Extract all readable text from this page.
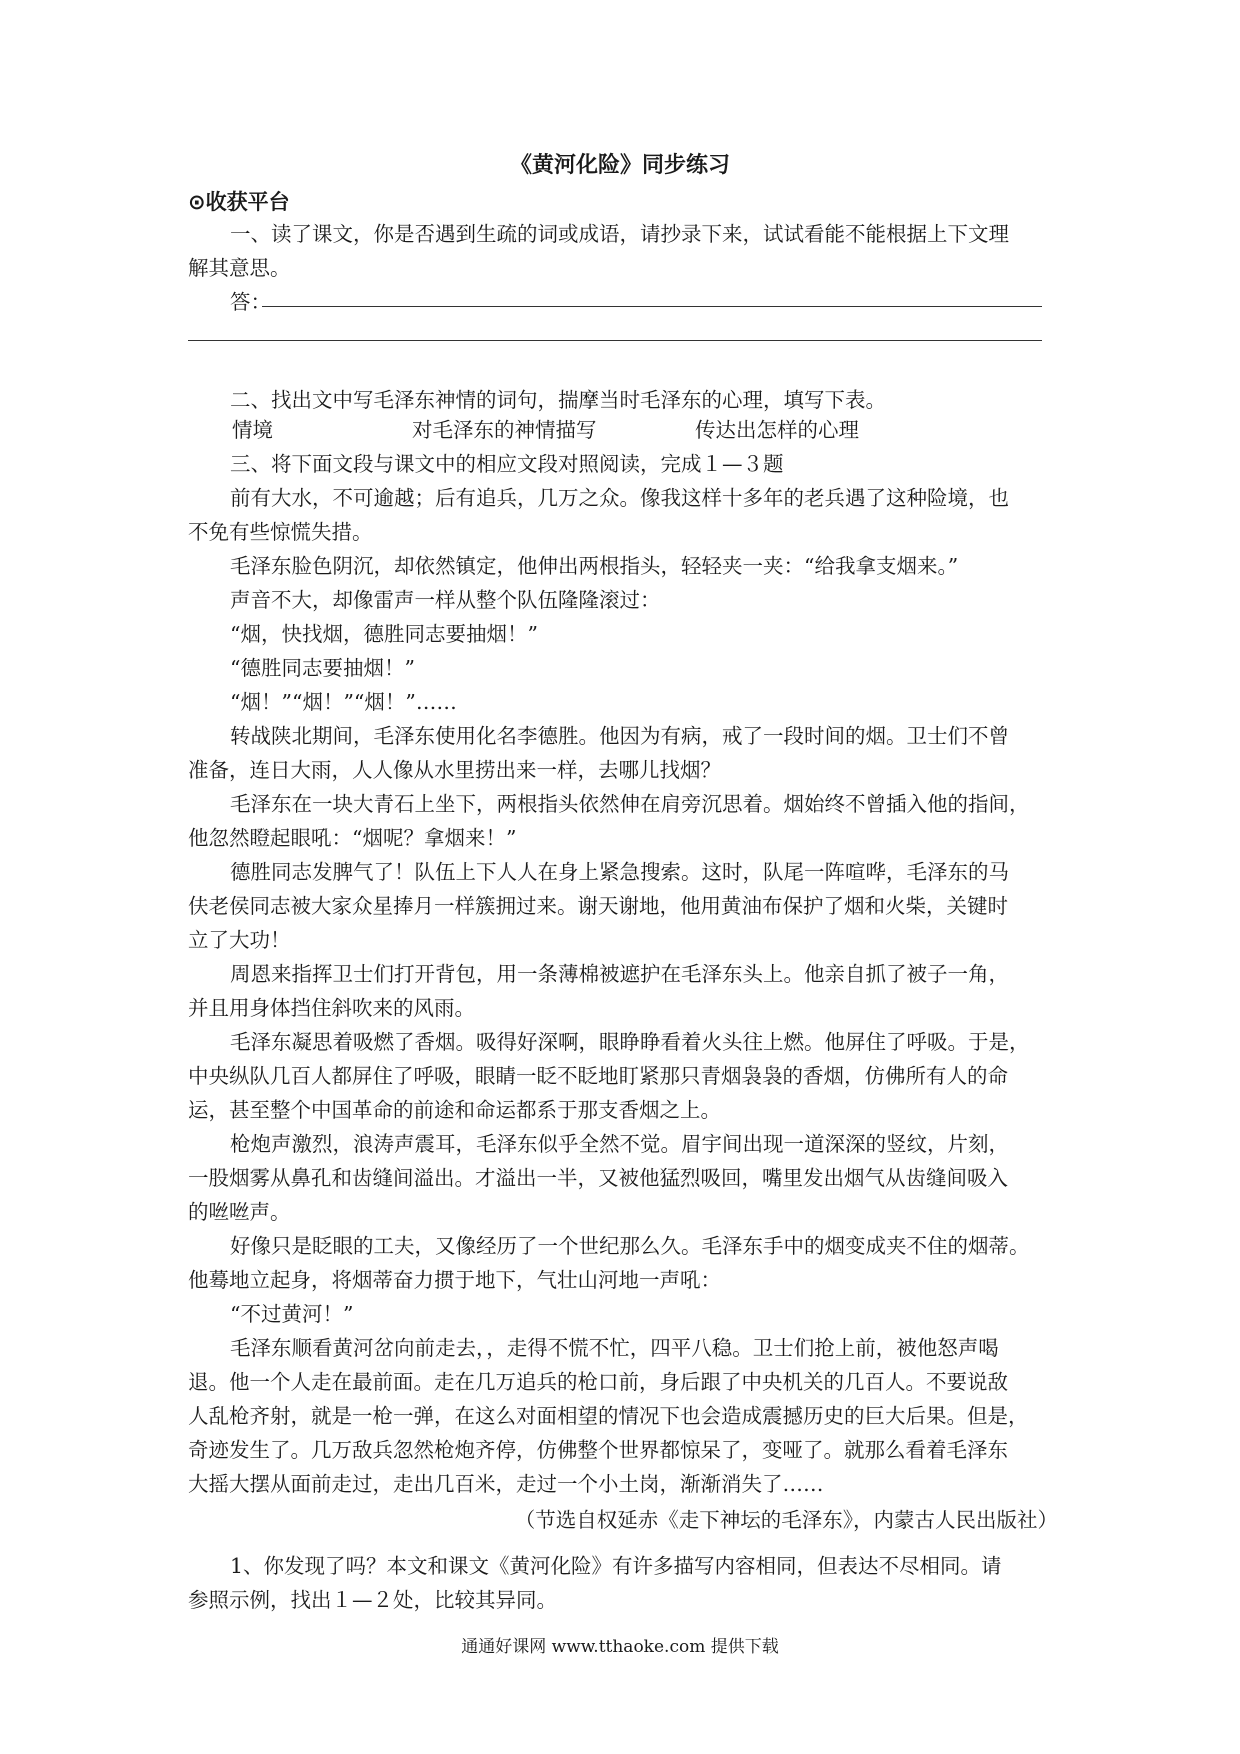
《黄河化险》同步练习
⊙收获平台
一、读了课文，你是否遇到生疏的词或成语，请抄录下来，试试看能不能根据上下文理
解其意思。
答：
二、找出文中写毛泽东神情的词句，揣摩当时毛泽东的心理，填写下表。
情境	对毛泽东的神情描写	传达出怎样的心理
三、将下面文段与课文中的相应文段对照阅读，完成１—３题
前有大水，不可逾越；后有追兵，几万之众。像我这样十多年的老兵遇了这种险境，也
不免有些惊慌失措。
毛泽东脸色阴沉，却依然镇定，他伸出两根指头，轻轻夹一夹：“给我拿支烟来。”
声音不大，却像雷声一样从整个队伍隆隆滚过：
“烟，快找烟，德胜同志要抽烟！”
“德胜同志要抽烟！”
“烟！”“烟！”“烟！”……
转战陕北期间，毛泽东使用化名李德胜。他因为有病，戒了一段时间的烟。卫士们不曾
准备，连日大雨，人人像从水里捞出来一样，去哪儿找烟？
毛泽东在一块大青石上坐下，两根指头依然伸在肩旁沉思着。烟始终不曾插入他的指间，
他忽然瞪起眼吼：“烟呢？拿烟来！”
德胜同志发脾气了！队伍上下人人在身上紧急搜索。这时，队尾一阵喧哗，毛泽东的马
伕老侯同志被大家众星捧月一样簇拥过来。谢天谢地，他用黄油布保护了烟和火柴，关键时
立了大功！
周恩来指挥卫士们打开背包，用一条薄棉被遮护在毛泽东头上。他亲自抓了被子一角，
并且用身体挡住斜吹来的风雨。
毛泽东凝思着吸燃了香烟。吸得好深啊，眼睁睁看着火头往上燃。他屏住了呼吸。于是，
中央纵队几百人都屏住了呼吸，眼睛一眨不眨地盯紧那只青烟袅袅的香烟，仿佛所有人的命
运，甚至整个中国革命的前途和命运都系于那支香烟之上。
枪炮声激烈，浪涛声震耳，毛泽东似乎全然不觉。眉宇间出现一道深深的竖纹，片刻，
一股烟雾从鼻孔和齿缝间溢出。才溢出一半，又被他猛烈吸回，嘴里发出烟气从齿缝间吸入
的咝咝声。
好像只是眨眼的工夫，又像经历了一个世纪那么久。毛泽东手中的烟变成夹不住的烟蒂。
他蓦地立起身，将烟蒂奋力掼于地下，气壮山河地一声吼：
“不过黄河！”
毛泽东顺看黄河岔向前走去，，走得不慌不忙，四平八稳。卫士们抢上前，被他怒声喝
退。他一个人走在最前面。走在几万追兵的枪口前，身后跟了中央机关的几百人。不要说敌
人乱枪齐射，就是一枪一弹，在这么对面相望的情况下也会造成震撼历史的巨大后果。但是，
奇迹发生了。几万敌兵忽然枪炮齐停，仿佛整个世界都惊呆了，变哑了。就那么看着毛泽东
大摇大摆从面前走过，走出几百米，走过一个小土岗，渐渐消失了……
（节选自权延赤《走下神坛的毛泽东》，内蒙古人民出版社）
1、你发现了吗？本文和课文《黄河化险》有许多描写内容相同，但表达不尽相同。请
参照示例，找出１—２处，比较其异同。
通通好课网 www.tthaoke.com 提供下载
